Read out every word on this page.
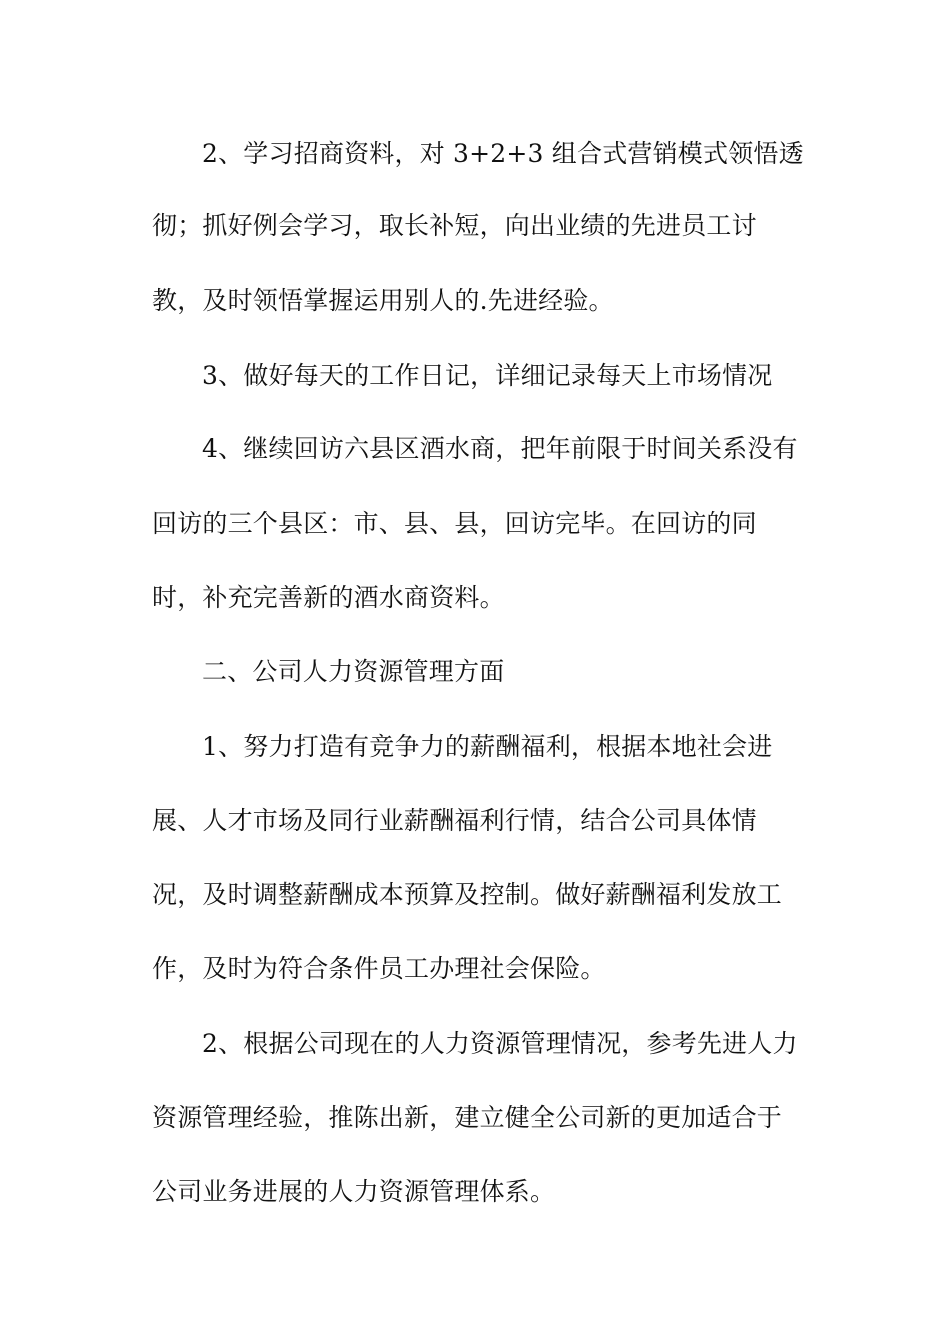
2、学习招商资料，对 3+2+3 组合式营销模式领悟透
彻；抓好例会学习，取长补短，向出业绩的先进员工讨
教，及时领悟掌握运用别人的.先进经验。
3、做好每天的工作日记，详细记录每天上市场情况
4、继续回访六县区酒水商，把年前限于时间关系没有
回访的三个县区：市、县、县，回访完毕。在回访的同
时，补充完善新的酒水商资料。
二、公司人力资源管理方面
1、努力打造有竞争力的薪酬福利，根据本地社会进
展、人才市场及同行业薪酬福利行情，结合公司具体情
况，及时调整薪酬成本预算及控制。做好薪酬福利发放工
作，及时为符合条件员工办理社会保险。
2、根据公司现在的人力资源管理情况，参考先进人力
资源管理经验，推陈出新，建立健全公司新的更加适合于
公司业务进展的人力资源管理体系。
